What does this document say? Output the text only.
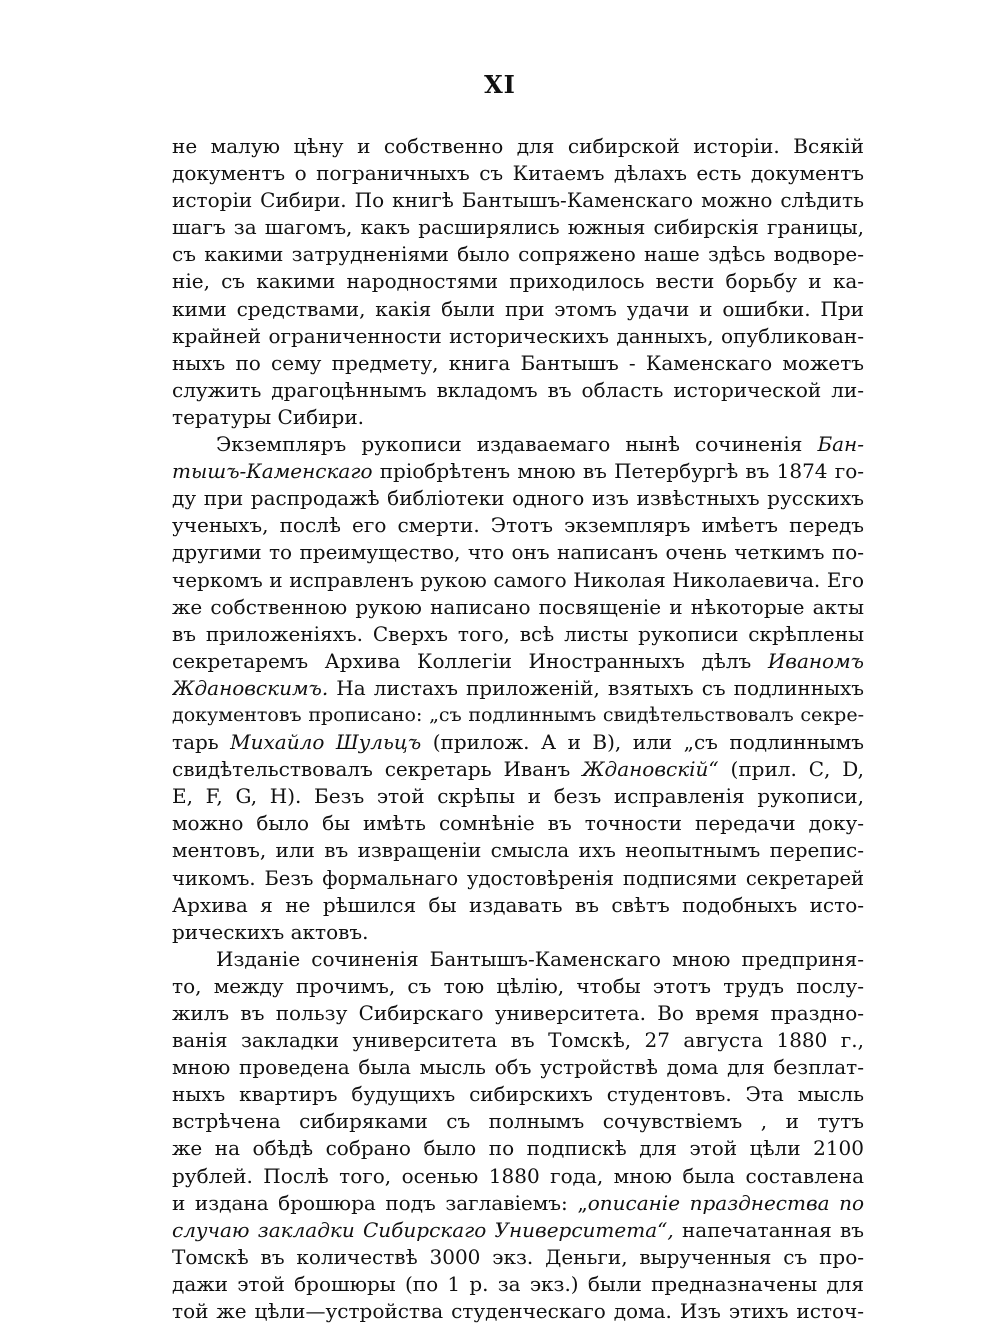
XI
не малую цѣну и собственно для сибирской исторіи. Всякій
документъ о пограничныхъ съ Китаемъ дѣлахъ есть документъ
исторіи Сибири. По книгѣ Бантышъ-Каменскаго можно слѣдить
шагъ за шагомъ, какъ расширялись южныя сибирскія границы,
съ какими затрудненіями было сопряжено наше здѣсь водворе-
ніе, съ какими народностями приходилось вести борьбу и ка-
кими средствами, какія были при этомъ удачи и ошибки. При
крайней ограниченности историческихъ данныхъ, опубликован-
ныхъ по сему предмету, книга Бантышъ - Каменскаго можетъ
служить драгоцѣннымъ вкладомъ въ область исторической ли-
тературы Сибири.
Экземпляръ рукописи издаваемаго нынѣ сочиненія Бан-
тышъ-Каменскаго пріобрѣтенъ мною въ Петербургѣ въ 1874 го-
ду при распродажѣ библіотеки одного изъ извѣстныхъ русскихъ
ученыхъ, послѣ его смерти. Этотъ экземпляръ имѣетъ передъ
другими то преимущество, что онъ написанъ очень четкимъ по-
черкомъ и исправленъ рукою самого Николая Николаевича. Его
же собственною рукою написано посвященіе и нѣкоторые акты
въ приложеніяхъ. Сверхъ того, всѣ листы рукописи скрѣплены
секретаремъ Архива Коллегіи Иностранныхъ дѣлъ Иваномъ
Ждановскимъ. На листахъ приложеній, взятыхъ съ подлинныхъ
документовъ прописано: „съ подлиннымъ свидѣтельствовалъ секре-
тарь Михайло Шульцъ (прилож. А и В), или „съ подлиннымъ
свидѣтельствовалъ секретарь Иванъ Ждановскій“ (прил. С, D,
E, F, G, H). Безъ этой скрѣпы и безъ исправленія рукописи,
можно было бы имѣть сомнѣніе въ точности передачи доку-
ментовъ, или въ извращеніи смысла ихъ неопытнымъ перепис-
чикомъ. Безъ формальнаго удостовѣренія подписями секретарей
Архива я не рѣшился бы издавать въ свѣтъ подобныхъ исто-
рическихъ актовъ.
Изданіе сочиненія Бантышъ-Каменскаго мною предприня-
то, между прочимъ, съ тою цѣлію, чтобы этотъ трудъ послу-
жилъ въ пользу Сибирскаго университета. Во время праздно-
ванія закладки университета въ Томскѣ, 27 августа 1880 г.,
мною проведена была мысль объ устройствѣ дома для безплат-
ныхъ квартиръ будущихъ сибирскихъ студентовъ. Эта мысль
встрѣчена сибиряками съ полнымъ сочувствіемъ , и тутъ
же на обѣдѣ собрано было по подпискѣ для этой цѣли 2100
рублей. Послѣ того, осенью 1880 года, мною была составлена
и издана брошюра подъ заглавіемъ: „описаніе празднества по
случаю закладки Сибирскаго Университета“, напечатанная въ
Томскѣ въ количествѣ 3000 экз. Деньги, вырученныя съ про-
дажи этой брошюры (по 1 р. за экз.) были предназначены для
той же цѣли—устройства студенческаго дома. Изъ этихъ источ-
